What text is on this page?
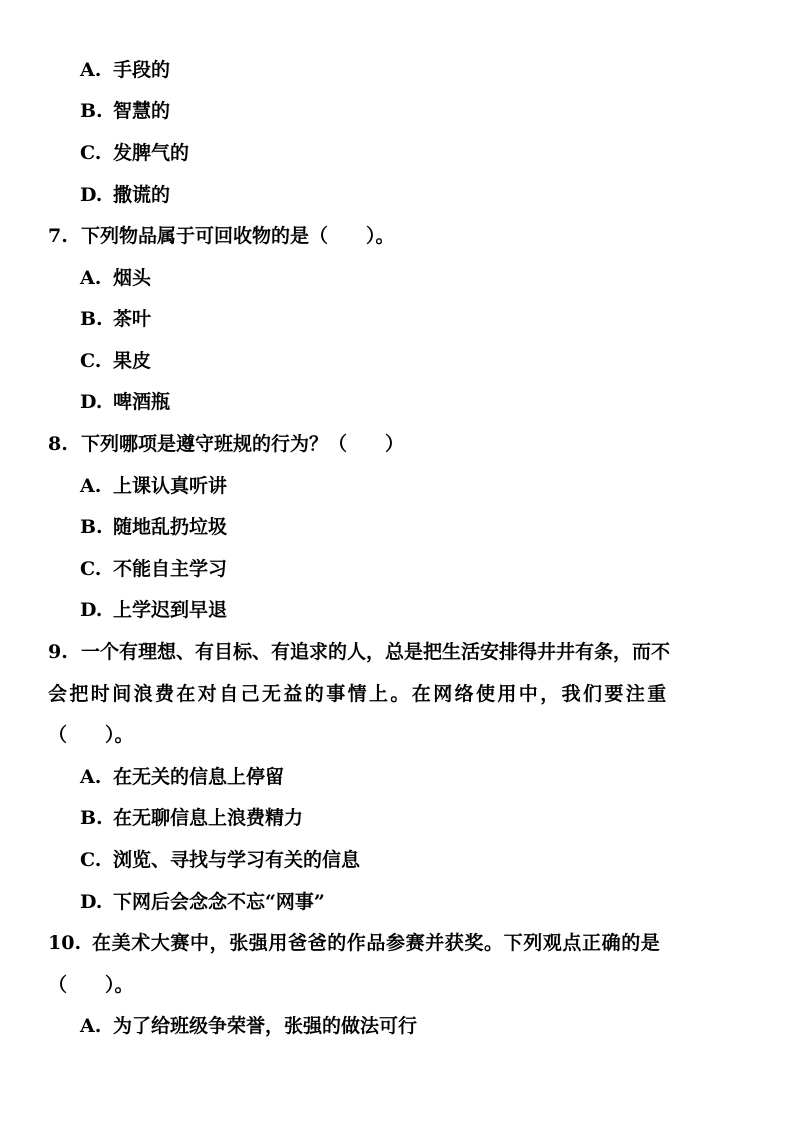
A. 手段的
B. 智慧的
C. 发脾气的
D. 撒谎的
7. 下列物品属于可回收物的是（　　）。
A. 烟头
B. 茶叶
C. 果皮
D. 啤酒瓶
8. 下列哪项是遵守班规的行为？（　　）
A. 上课认真听讲
B. 随地乱扔垃圾
C. 不能自主学习
D. 上学迟到早退
9. 一个有理想、有目标、有追求的人，总是把生活安排得井井有条，而不
会把时间浪费在对自己无益的事情上。在网络使用中，我们要注重
（　　）。
A. 在无关的信息上停留
B. 在无聊信息上浪费精力
C. 浏览、寻找与学习有关的信息
D. 下网后会念念不忘“网事”
10. 在美术大赛中，张强用爸爸的作品参赛并获奖。下列观点正确的是
（　　）。
A. 为了给班级争荣誉，张强的做法可行
